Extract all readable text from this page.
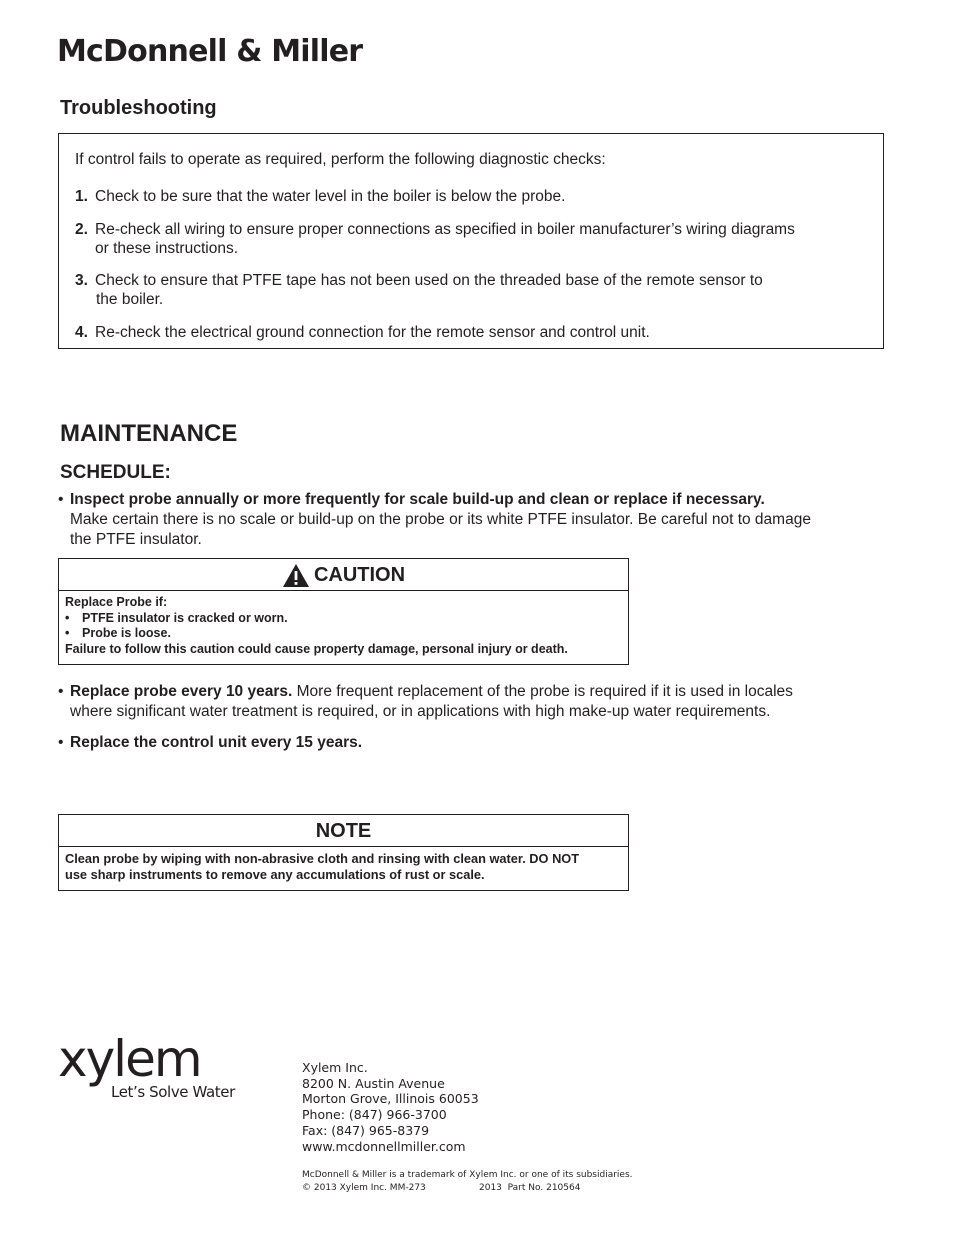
McDonnell & Miller
Troubleshooting
If control fails to operate as required, perform the following diagnostic checks:
1. Check to be sure that the water level in the boiler is below the probe.
2. Re-check all wiring to ensure proper connections as specified in boiler manufacturer’s wiring diagrams
or these instructions.
3. Check to ensure that PTFE tape has not been used on the threaded base of the remote sensor to
the boiler.
4. Re-check the electrical ground connection for the remote sensor and control unit.
MAINTENANCE
SCHEDULE:
• Inspect probe annually or more frequently for scale build-up and clean or replace if necessary.
Make certain there is no scale or build-up on the probe or its white PTFE insulator. Be careful not to damage
the PTFE insulator.
CAUTION
Replace Probe if:
• PTFE insulator is cracked or worn.
• Probe is loose.
Failure to follow this caution could cause property damage, personal injury or death.
• Replace probe every 10 years. More frequent replacement of the probe is required if it is used in locales
where significant water treatment is required, or in applications with high make-up water requirements.
• Replace the control unit every 15 years.
NOTE
Clean probe by wiping with non-abrasive cloth and rinsing with clean water. DO NOT
use sharp instruments to remove any accumulations of rust or scale.
xylem
Let’s Solve Water
Xylem Inc.
8200 N. Austin Avenue
Morton Grove, Illinois 60053
Phone: (847) 966-3700
Fax: (847) 965-8379
www.mcdonnellmiller.com
McDonnell & Miller is a trademark of Xylem Inc. or one of its subsidiaries.
© 2013 Xylem Inc. MM-273	2013 Part No. 210564
